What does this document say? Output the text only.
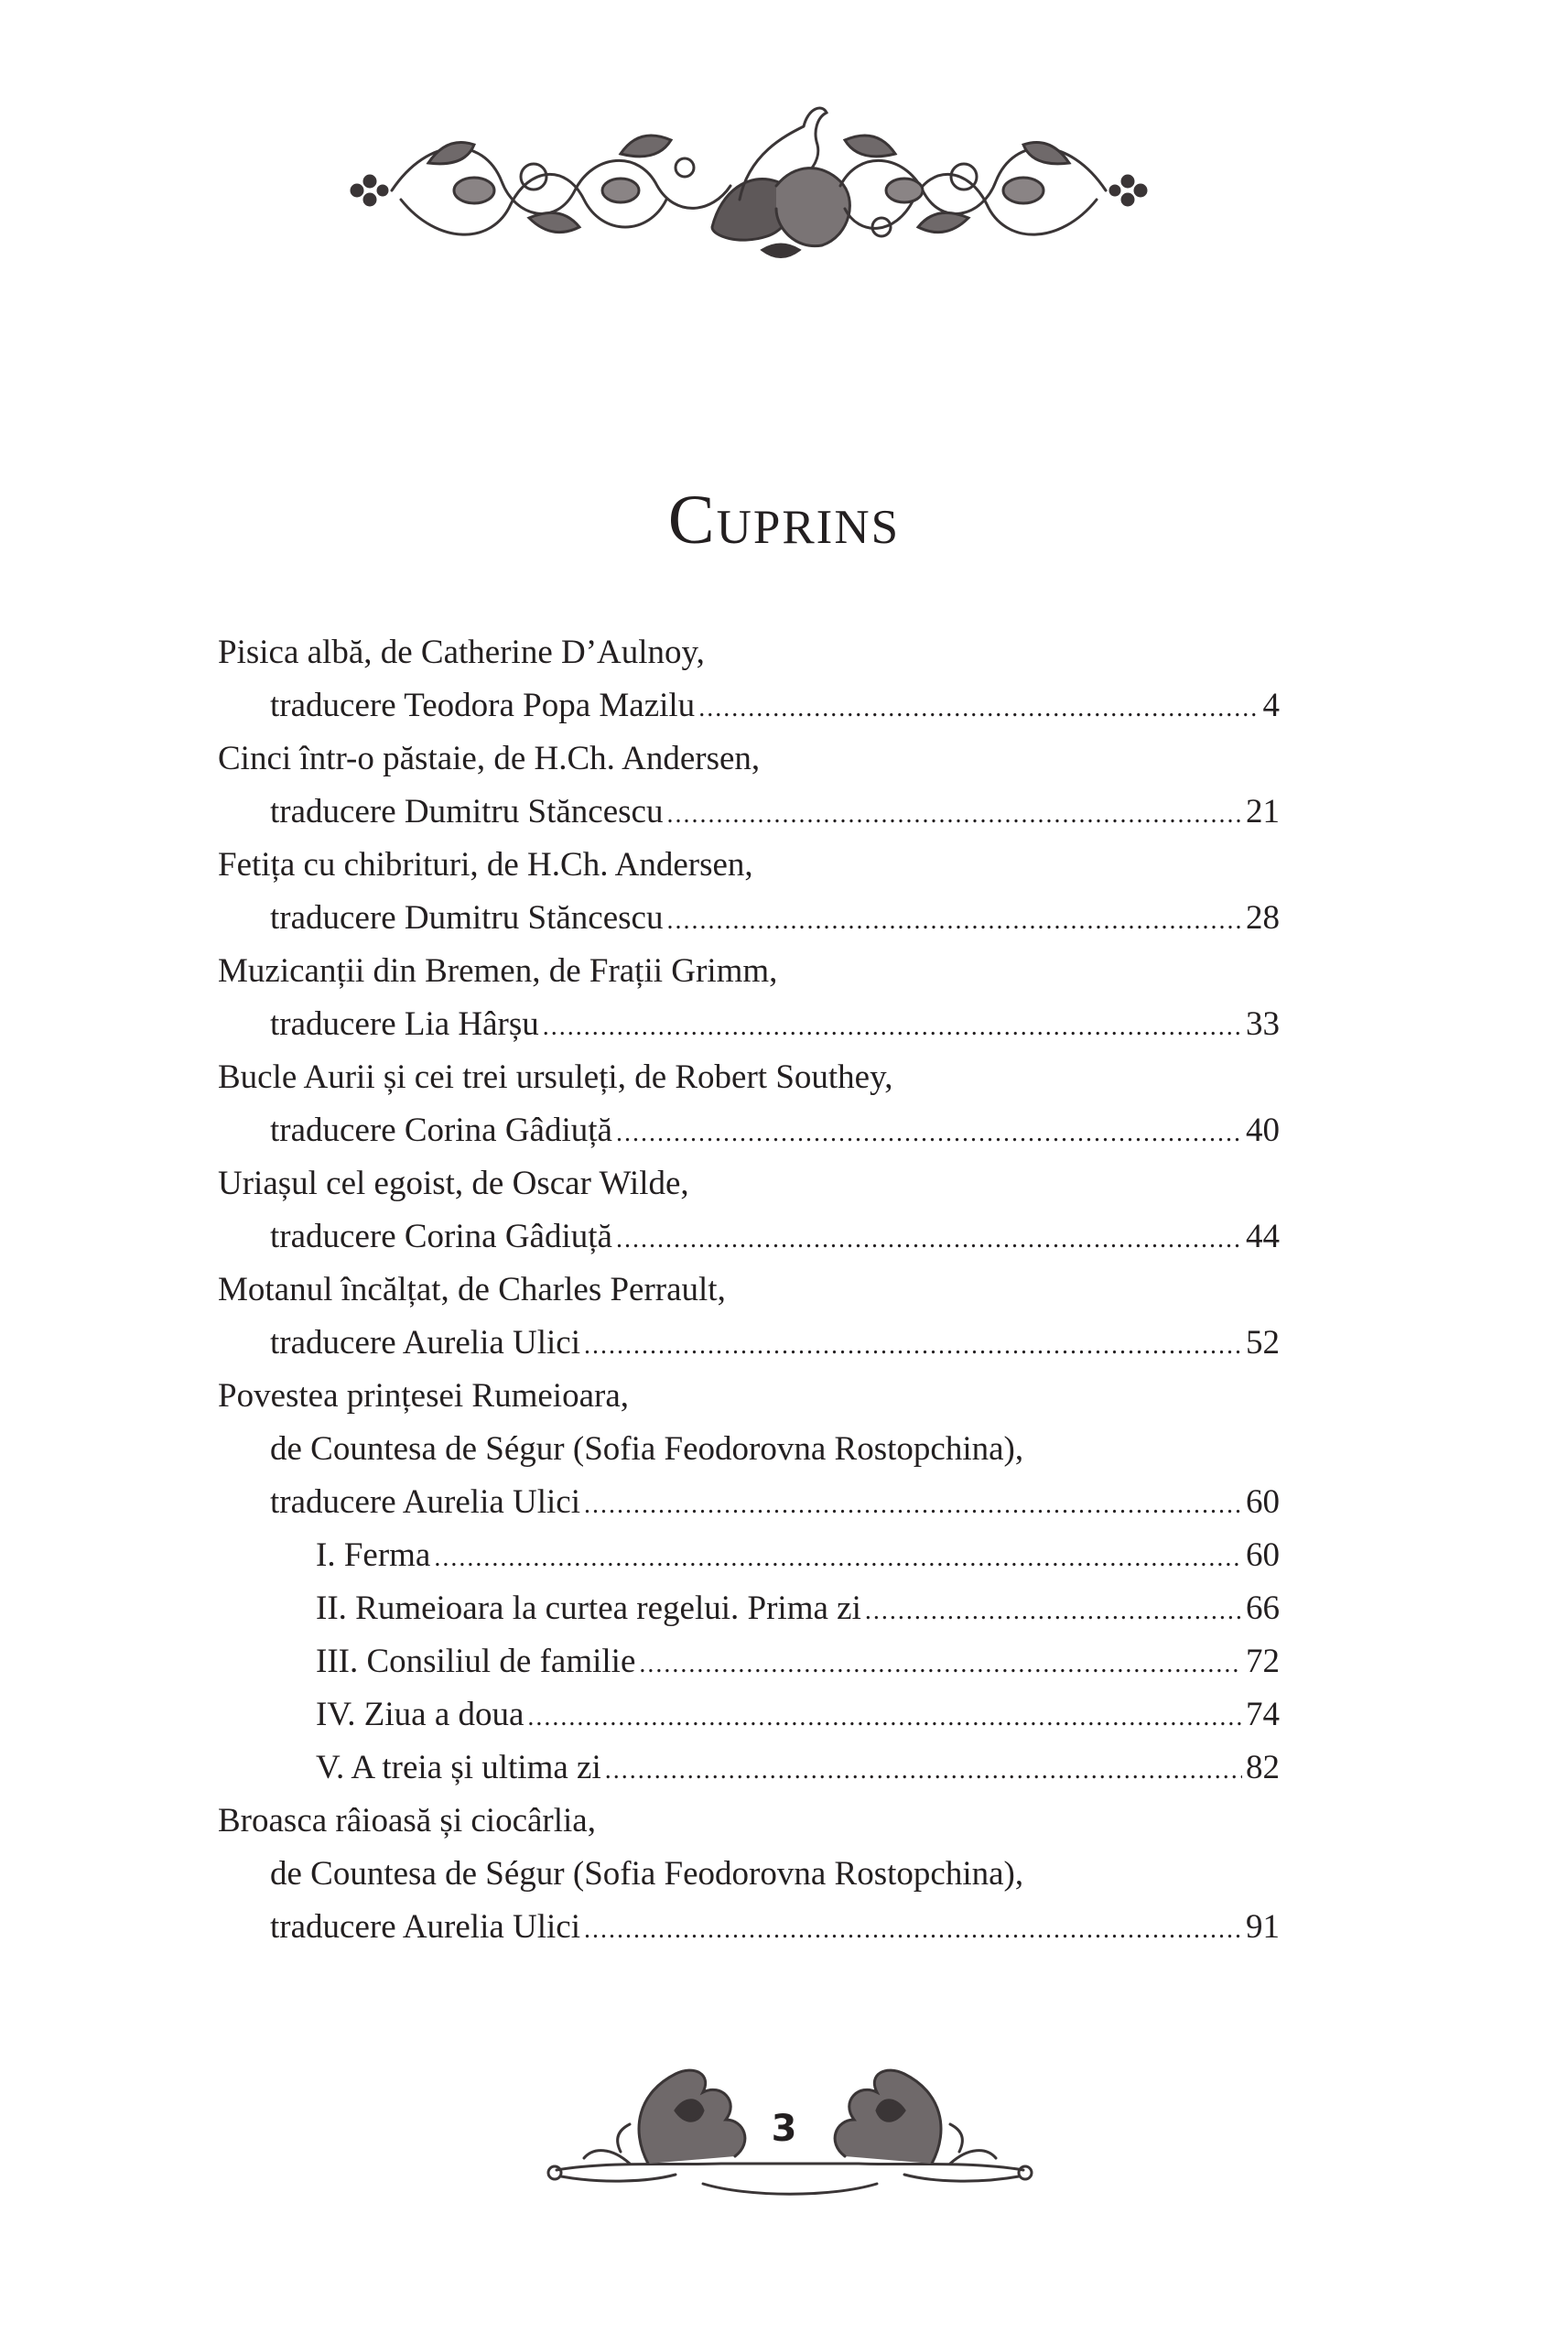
Cuprins
Pisica albă, de Catherine D’Aulnoy,
traducere Teodora Popa Mazilu .....	4
Cinci într-o păstaie, de H.Ch. Andersen,
traducere Dumitru Stăncescu .....	21
Fetița cu chibrituri, de H.Ch. Andersen,
traducere Dumitru Stăncescu .....	28
Muzicanții din Bremen, de Frații Grimm,
traducere Lia Hârșu .....	33
Bucle Aurii și cei trei ursuleți, de Robert Southey,
traducere Corina Gâdiuță .....	40
Uriașul cel egoist, de Oscar Wilde,
traducere Corina Gâdiuță .....	44
Motanul încălțat, de Charles Perrault,
traducere Aurelia Ulici .....	52
Povestea prințesei Rumeioara,
de Countesa de Ségur (Sofia Feodorovna Rostopchina),
traducere Aurelia Ulici .....	60
I. Ferma .....	60
II. Rumeioara la curtea regelui. Prima zi .....	66
III. Consiliul de familie .....	72
IV. Ziua a doua .....	74
V. A treia și ultima zi .....	82
Broasca râioasă și ciocârlia,
de Countesa de Ségur (Sofia Feodorovna Rostopchina),
traducere Aurelia Ulici .....	91
3
